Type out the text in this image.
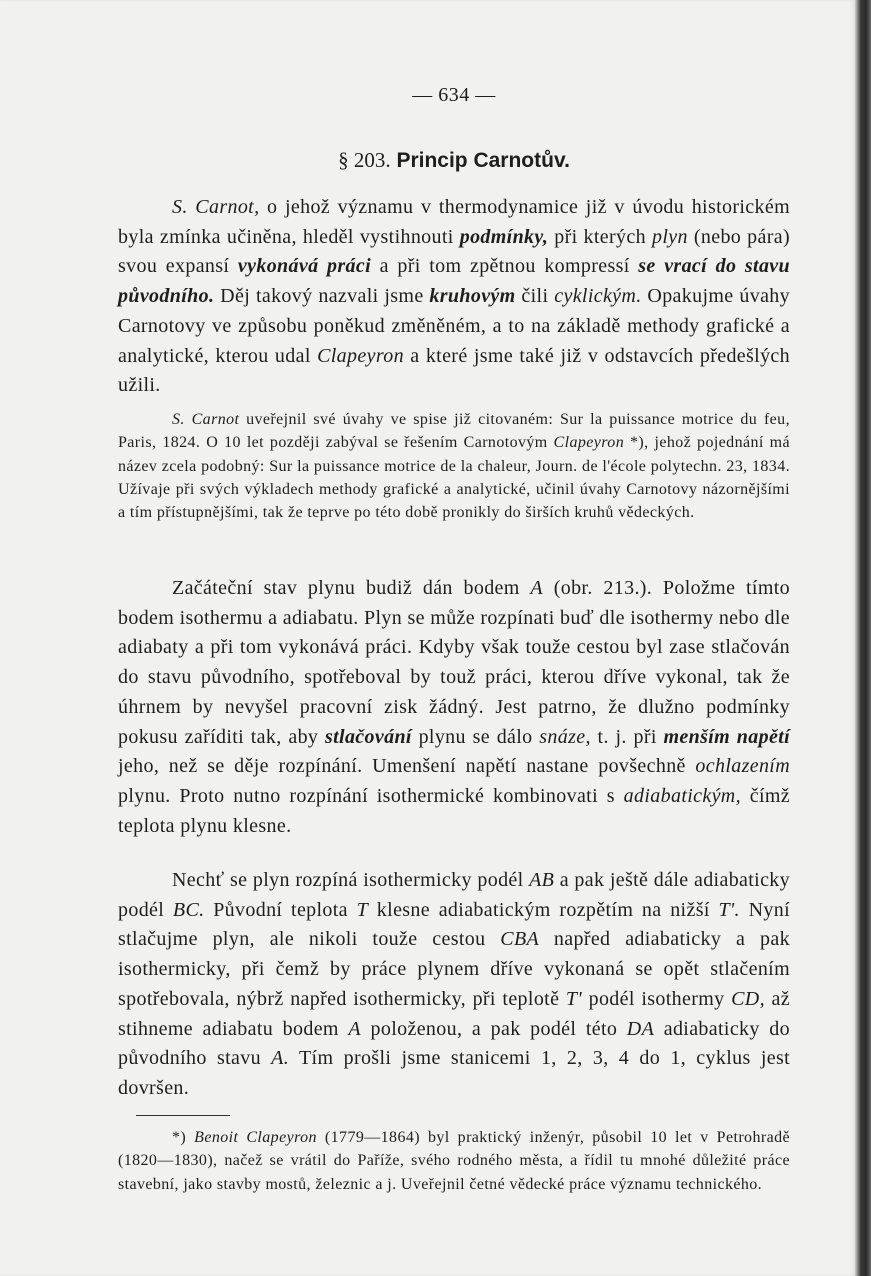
— 634 —
§ 203. Princip Carnotův.

S. Carnot, o jehož významu v thermodynamice již v úvodu historickém byla zmínka učiněna, hleděl vystihnouti podmínky, při kterých plyn (nebo pára) svou expansí vykonává práci a při tom zpětnou kompressí se vrací do stavu původního. Děj takový nazvali jsme kruhovým čili cyklickým. Opakujme úvahy Carnotovy ve způsobu poněkud změněném, a to na základě methody grafické a analytické, kterou udal Clapeyron a které jsme také již v odstavcích předešlých užili.

S. Carnot uveřejnil své úvahy ve spise již citovaném: Sur la puissance motrice du feu, Paris, 1824. O 10 let později zabýval se řešením Carnotovým Clapeyron *), jehož pojednání má název zcela podobný: Sur la puissance motrice de la chaleur, Journ. de l'école polytechn. 23, 1834. Užívaje při svých výkladech methody grafické a analytické, učinil úvahy Carnotovy názornějšími a tím přístupnějšími, tak že teprve po této době pronikly do širších kruhů vědeckých.

Začáteční stav plynu budiž dán bodem A (obr. 213.). Položme tímto bodem isothermu a adiabatu. Plyn se může rozpínati buď dle isothermy nebo dle adiabaty a při tom vykonává práci. Kdyby však touže cestou byl zase stlačován do stavu původního, spotřeboval by touž práci, kterou dříve vykonal, tak že úhrnem by nevyšel pracovní zisk žádný. Jest patrno, že dlužno podmínky pokusu zaříditi tak, aby stlačování plynu se dálo snáze, t. j. při menším napětí jeho, než se děje rozpínání. Umenšení napětí nastane povšechně ochlazením plynu. Proto nutno rozpínání isothermické kombinovati s adiabatickým, čímž teplota plynu klesne.

Nechť se plyn rozpíná isothermicky podél AB a pak ještě dále adiabaticky podél BC. Původní teplota T klesne adiabatickým rozpětím na nižší T'. Nyní stlačujme plyn, ale nikoli touže cestou CBA napřed adiabaticky a pak isothermicky, při čemž by práce plynem dříve vykonaná se opět stlačením spotřebovala, nýbrž napřed isothermicky, při teplotě T' podél isothermy CD, až stihneme adiabatu bodem A položenou, a pak podél této DA adiabaticky do původního stavu A. Tím prošli jsme stanicemi 1, 2, 3, 4 do 1, cyklus jest dovršen.

*) Benoit Clapeyron (1779—1864) byl praktický inženýr, působil 10 let v Petrohradě (1820—1830), načež se vrátil do Paříže, svého rodného města, a řídil tu mnohé důležité práce stavební, jako stavby mostů, železnic a j. Uveřejnil četné vědecké práce významu technického.
